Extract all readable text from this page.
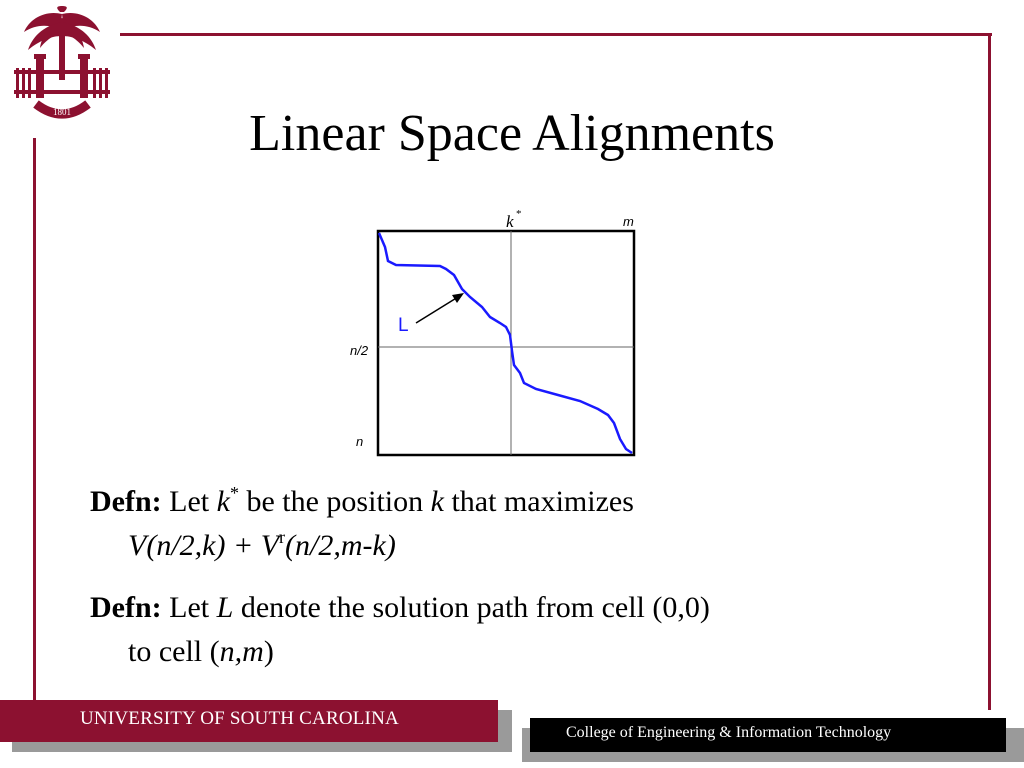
1801	Linear Space Alignments
k *	m
n/2
n
L
Defn: Let k* be the position k that maximizes
$V(n/2,k) + V^r(n/2,m-k)$
Defn: Let L denote the solution path from cell (0,0)
to cell (n,m)
UNIVERSITY OF SOUTH CAROLINA
College of Engineering & Information Technology
